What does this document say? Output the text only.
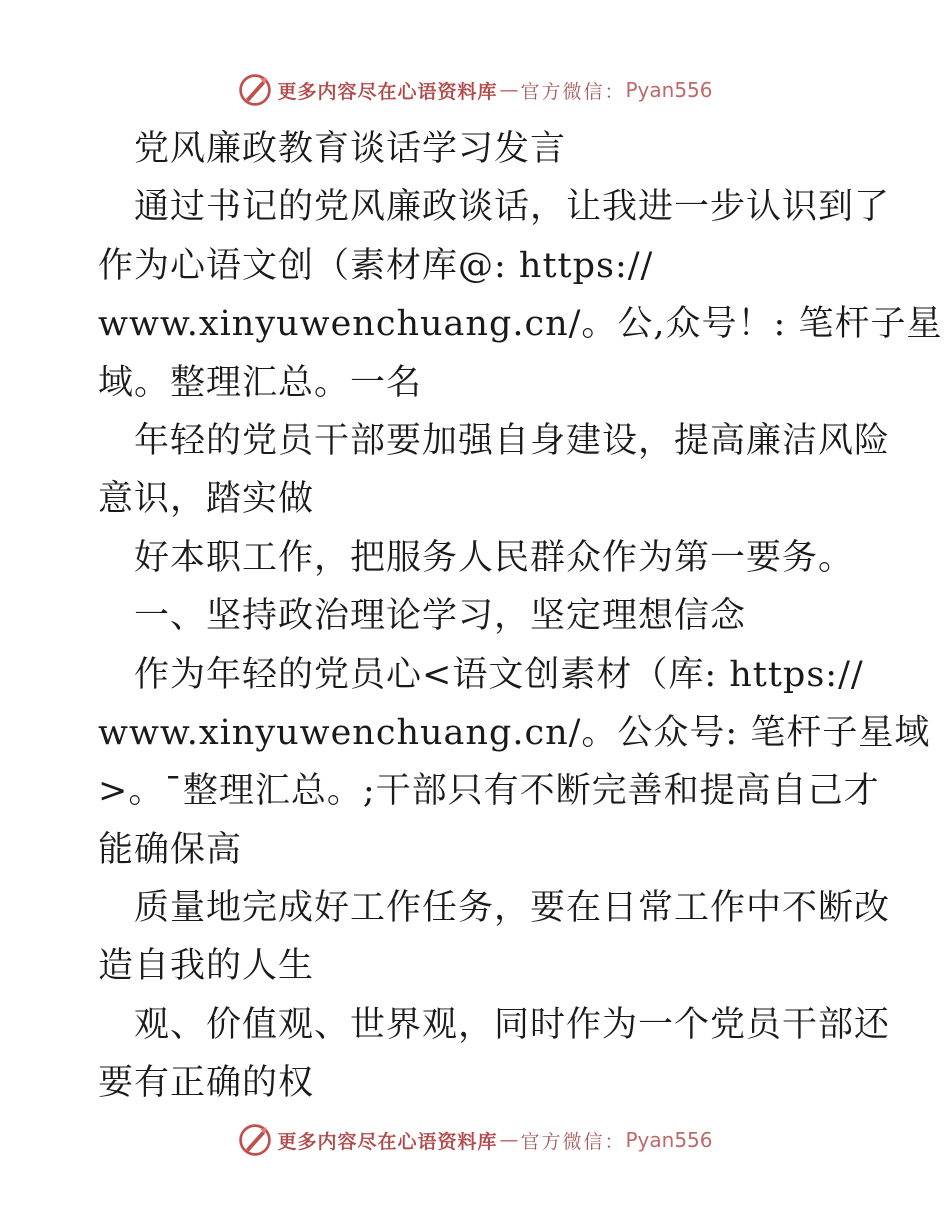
更多内容尽在心语资料库 — 官方微信： Pyan556
党风廉政教育谈话学习发言
通过书记的党风廉政谈话，让我进一步认识到了
作为心语文创（素材库@: https://
www.xinyuwenchuang.cn/。公,众号！: 笔杆子星
域。整理汇总。一名
年轻的党员干部要加强自身建设，提高廉洁风险
意识，踏实做
好本职工作，把服务人民群众作为第一要务。
一、坚持政治理论学习，坚定理想信念
作为年轻的党员心<语文创素材（库: https://
www.xinyuwenchuang.cn/。公众号: 笔杆子星域
>。¯整理汇总。;干部只有不断完善和提高自己才
能确保高
质量地完成好工作任务，要在日常工作中不断改
造自我的人生
观、价值观、世界观，同时作为一个党员干部还
要有正确的权
更多内容尽在心语资料库 — 官方微信： Pyan556
